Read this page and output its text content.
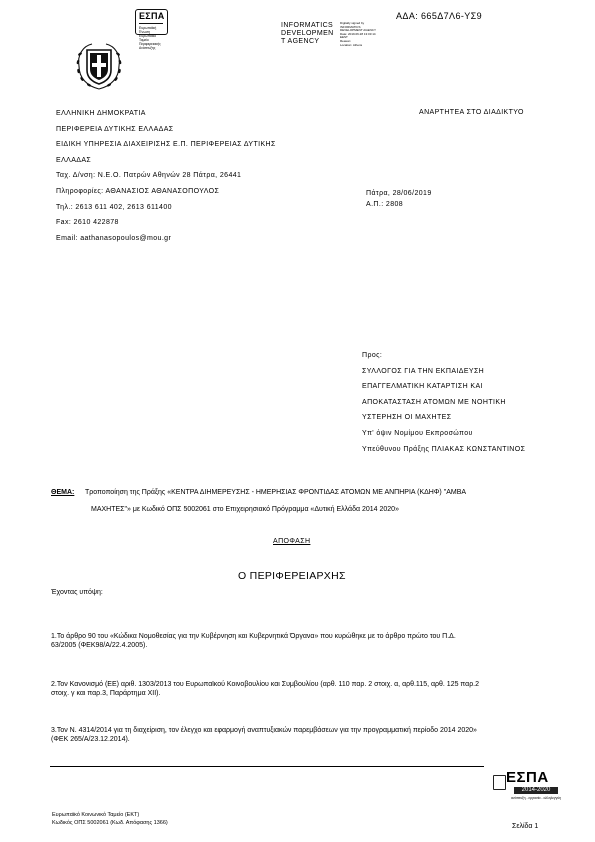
ΑΔΑ: 665Δ7Λ6-ΥΣ9
ΕΣΠΑ
Ευρωπαϊκή Ένωση Ευρωπαϊκό Ταμείο Περιφερειακής Ανάπτυξης
INFORMATICS
DEVELOPMEN
T AGENCY
Digitally signed by
INFORMATICS
DEVELOPMENT AGENCY
Date: 2019.06.28 13:03:14
EEST
Reason:
Location: Athens
ΕΛΛΗΝΙΚΗ ΔΗΜΟΚΡΑΤΙΑ
ΠΕΡΙΦΕΡΕΙΑ ΔΥΤΙΚΗΣ ΕΛΛΑΔΑΣ
ΕΙΔΙΚΗ ΥΠΗΡΕΣΙΑ ΔΙΑΧΕΙΡΙΣΗΣ Ε.Π. ΠΕΡΙΦΕΡΕΙΑΣ ΔΥΤΙΚΗΣ
ΕΛΛΑΔΑΣ
Ταχ. Δ/νση: Ν.Ε.Ο. Πατρών Αθηνών 28 Πάτρα, 26441
Πληροφορίες: ΑΘΑΝΑΣΙΟΣ ΑΘΑΝΑΣΟΠΟΥΛΟΣ
Τηλ.: 2613 611 402, 2613 611400
Fax: 2610 422878
Email: aathanasopoulos@mou.gr
ΑΝΑΡΤΗΤΕΑ ΣΤΟ ΔΙΑΔΙΚΤΥΟ
Πάτρα, 28/06/2019
Α.Π.: 2808
Προς:
ΣΥΛΛΟΓΟΣ ΓΙΑ ΤΗΝ ΕΚΠΑΙΔΕΥΣΗ
ΕΠΑΓΓΕΛΜΑΤΙΚΗ ΚΑΤΑΡΤΙΣΗ ΚΑΙ
ΑΠΟΚΑΤΑΣΤΑΣΗ ΑΤΟΜΩΝ ΜΕ ΝΟΗΤΙΚΗ
ΥΣΤΕΡΗΣΗ ΟΙ ΜΑΧΗΤΕΣ
Υπ' όψιν Νομίμου Εκπροσώπου
Υπεύθυνου Πράξης ΠΛΙΑΚΑΣ ΚΩΝΣΤΑΝΤΙΝΟΣ
ΘΕΜΑ: Τροποποίηση της Πράξης «ΚΕΝΤΡΑ ΔΙΗΜΕΡΕΥΣΗΣ - ΗΜΕΡΗΣΙΑΣ ΦΡΟΝΤΙΔΑΣ ΑΤΟΜΩΝ ΜΕ ΑΝΠΗΡΙΑ (ΚΔΗΦ) "ΑΜΒΑ
ΜΑΧΗΤΕΣ"» με Κωδικό ΟΠΣ 5002061 στο Επιχειρησιακό Πρόγραμμα «Δυτική Ελλάδα 2014 2020»
ΑΠΟΦΑΣΗ
Ο ΠΕΡΙΦΕΡΕΙΑΡΧΗΣ
Έχοντας υπόψη:
1.Το άρθρο 90 του «Κώδικα Νομοθεσίας για την Κυβέρνηση και Κυβερνητικά Όργανα» που κυρώθηκε με το άρθρο πρώτο του Π.Δ.
63/2005 (ΦΕΚ98/Α/22.4.2005).
2.Τον Κανονισμό (ΕΕ) αριθ. 1303/2013 του Ευρωπαϊκού Κοινοβουλίου και Συμβουλίου (αρθ. 110 παρ. 2 στοιχ. α, αρθ.115, αρθ. 125 παρ.2
στοιχ. γ και παρ.3, Παράρτημα XII).
3.Τον Ν. 4314/2014 για τη διαχείριση, τον έλεγχο και εφαρμογή αναπτυξιακών παρεμβάσεων για την προγραμματική περίοδο 2014 2020»
(ΦΕΚ 265/Α/23.12.2014).
ΕΣΠΑ
2014-2020
ανάπτυξη - εργασία - αλληλεγγύη
Ευρωπαϊκό Κοινωνικό Ταμείο (ΕΚΤ)
Κωδικός ΟΠΣ 5002061 (Κωδ. Απόφασης 1366)	Σελίδα 1
